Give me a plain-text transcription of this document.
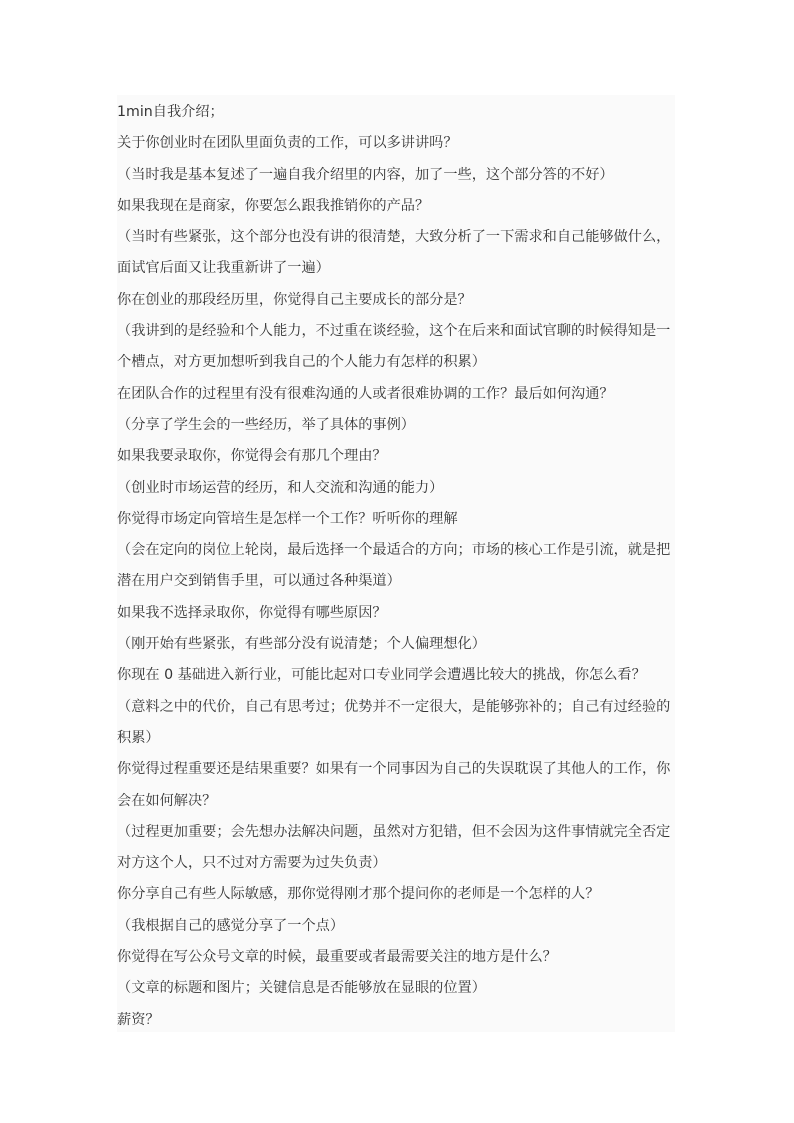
1min自我介绍；
关于你创业时在团队里面负责的工作，可以多讲讲吗？
（当时我是基本复述了一遍自我介绍里的内容，加了一些，这个部分答的不好）
如果我现在是商家，你要怎么跟我推销你的产品？
（当时有些紧张，这个部分也没有讲的很清楚，大致分析了一下需求和自己能够做什么，
面试官后面又让我重新讲了一遍）
你在创业的那段经历里，你觉得自己主要成长的部分是？
（我讲到的是经验和个人能力，不过重在谈经验，这个在后来和面试官聊的时候得知是一
个槽点，对方更加想听到我自己的个人能力有怎样的积累）
在团队合作的过程里有没有很难沟通的人或者很难协调的工作？最后如何沟通？
（分享了学生会的一些经历，举了具体的事例）
如果我要录取你，你觉得会有那几个理由？
（创业时市场运营的经历，和人交流和沟通的能力）
你觉得市场定向管培生是怎样一个工作？听听你的理解
（会在定向的岗位上轮岗，最后选择一个最适合的方向；市场的核心工作是引流，就是把
潜在用户交到销售手里，可以通过各种渠道）
如果我不选择录取你，你觉得有哪些原因？
（刚开始有些紧张，有些部分没有说清楚；个人偏理想化）
你现在 0 基础进入新行业，可能比起对口专业同学会遭遇比较大的挑战，你怎么看？
（意料之中的代价，自己有思考过；优势并不一定很大，是能够弥补的；自己有过经验的
积累）
你觉得过程重要还是结果重要？如果有一个同事因为自己的失误耽误了其他人的工作，你
会在如何解决？
（过程更加重要；会先想办法解决问题，虽然对方犯错，但不会因为这件事情就完全否定
对方这个人，只不过对方需要为过失负责）
你分享自己有些人际敏感，那你觉得刚才那个提问你的老师是一个怎样的人？
（我根据自己的感觉分享了一个点）
你觉得在写公众号文章的时候，最重要或者最需要关注的地方是什么？
（文章的标题和图片；关键信息是否能够放在显眼的位置）
薪资？
